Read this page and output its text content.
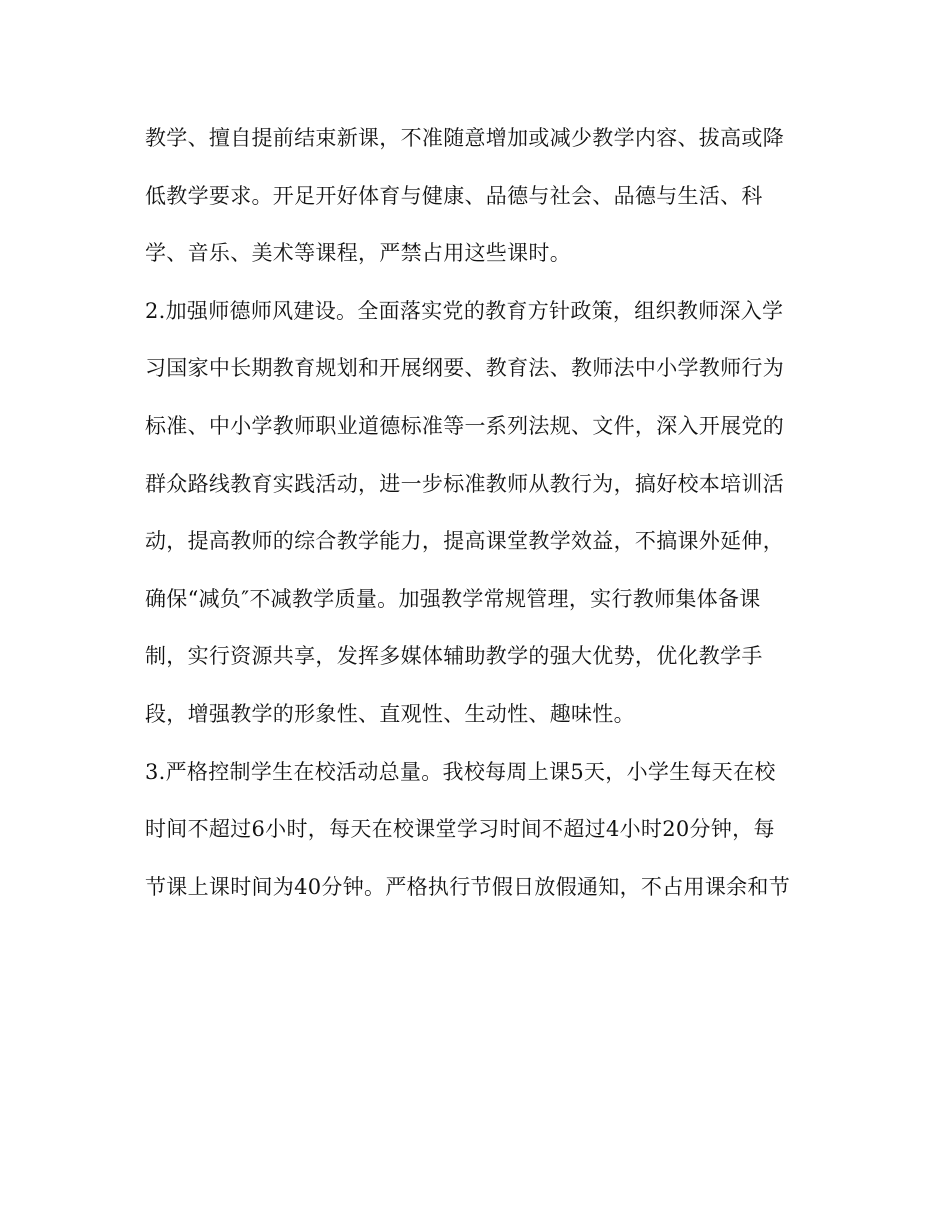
教学、擅自提前结束新课，不准随意增加或减少教学内容、拔高或降
低教学要求。开足开好体育与健康、品德与社会、品德与生活、科
学、音乐、美术等课程，严禁占用这些课时。
2.加强师德师风建设。全面落实党的教育方针政策，组织教师深入学
习国家中长期教育规划和开展纲要、教育法、教师法中小学教师行为
标准、中小学教师职业道德标准等一系列法规、文件，深入开展党的
群众路线教育实践活动，进一步标准教师从教行为，搞好校本培训活
动，提高教师的综合教学能力，提高课堂教学效益，不搞课外延伸，
确保“减负″不减教学质量。加强教学常规管理，实行教师集体备课
制，实行资源共享，发挥多媒体辅助教学的强大优势，优化教学手
段，增强教学的形象性、直观性、生动性、趣味性。
3.严格控制学生在校活动总量。我校每周上课5天，小学生每天在校
时间不超过6小时，每天在校课堂学习时间不超过4小时20分钟，每
节课上课时间为40分钟。严格执行节假日放假通知，不占用课余和节
